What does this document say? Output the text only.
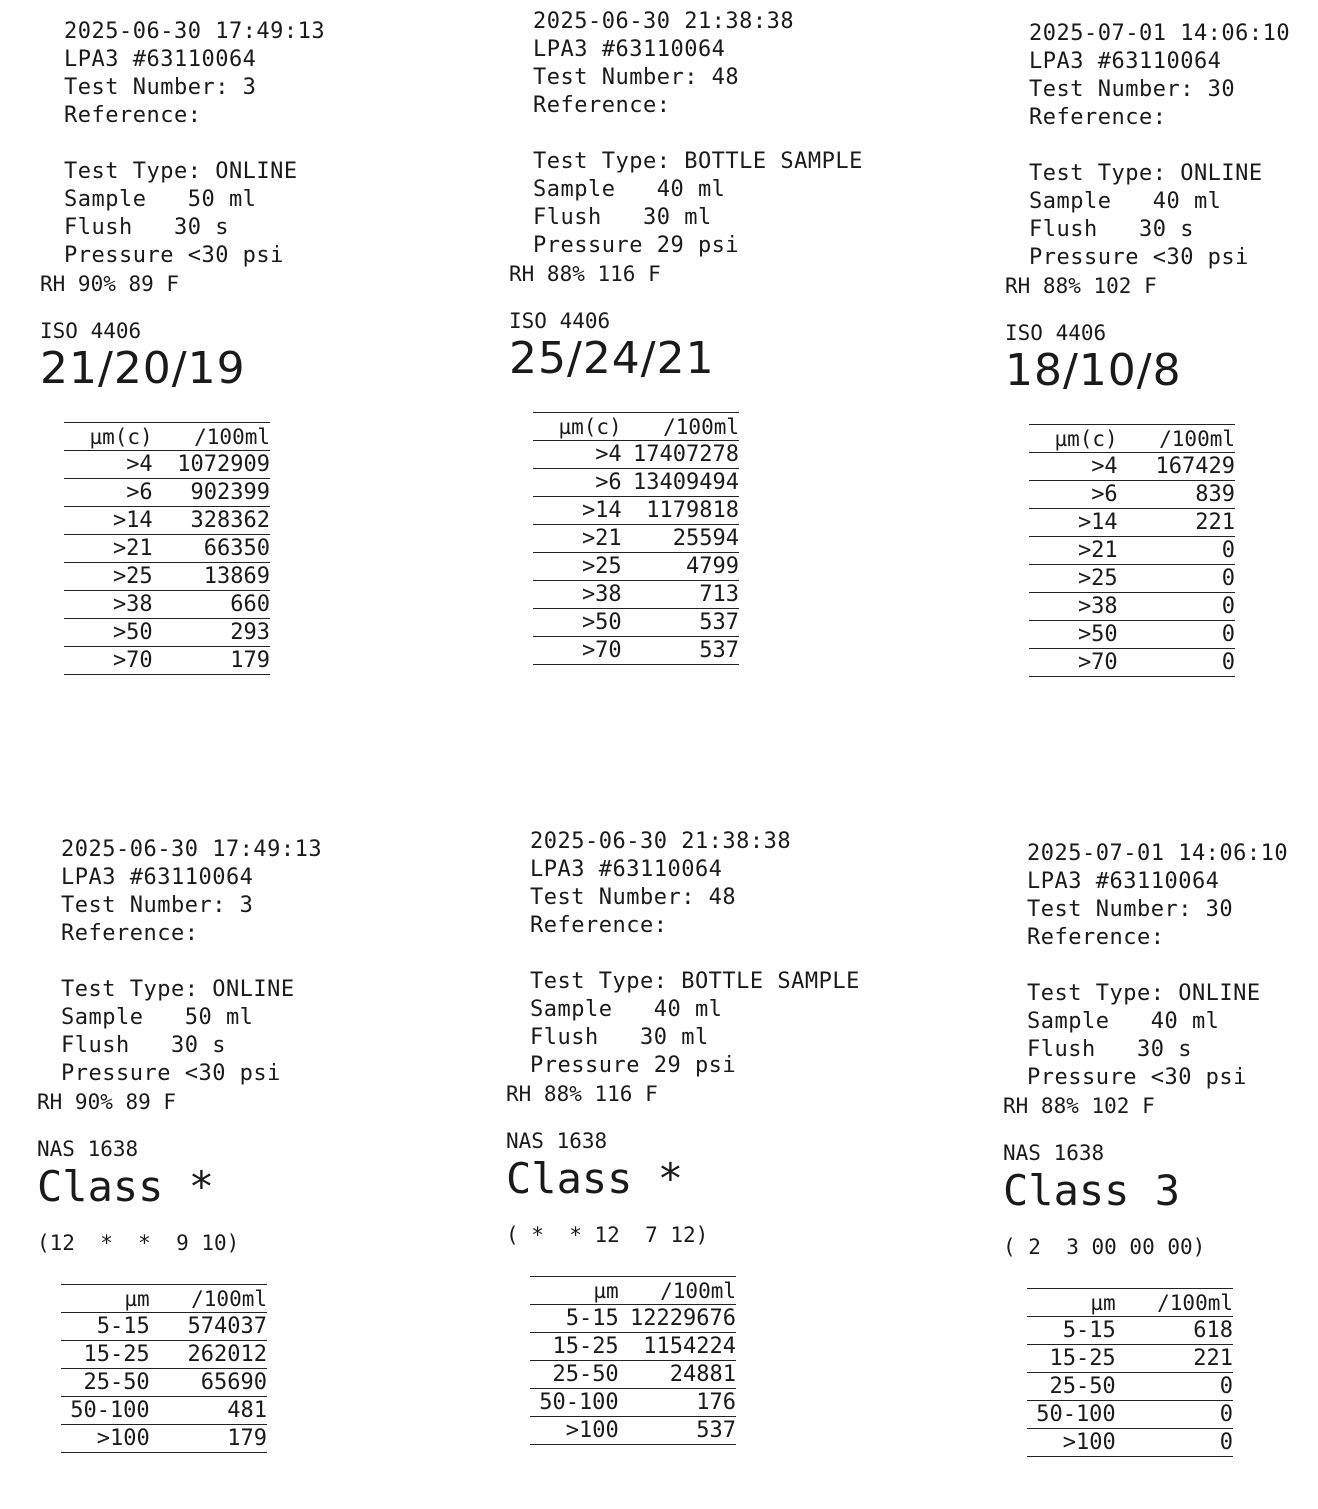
2025-06-30 17:49:13
LPA3 #63110064
Test Number: 3
Reference:
Test Type: ONLINE
Sample   50 ml
Flush   30 s
Pressure <30 psi
RH 90% 89 F
ISO 4406
21/20/19
µm(c)	/100ml
>4	1072909
>6	902399
>14	328362
>21	66350
>25	13869
>38	660
>50	293
>70	179
2025-06-30 21:38:38
LPA3 #63110064
Test Number: 48
Reference:
Test Type: BOTTLE SAMPLE
Sample   40 ml
Flush   30 ml
Pressure 29 psi
RH 88% 116 F
ISO 4406
25/24/21
µm(c)	/100ml
>4	17407278
>6	13409494
>14	1179818
>21	25594
>25	4799
>38	713
>50	537
>70	537
2025-07-01 14:06:10
LPA3 #63110064
Test Number: 30
Reference:
Test Type: ONLINE
Sample   40 ml
Flush   30 s
Pressure <30 psi
RH 88% 102 F
ISO 4406
18/10/8
µm(c)	/100ml
>4	167429
>6	839
>14	221
>21	0
>25	0
>38	0
>50	0
>70	0
2025-06-30 17:49:13
LPA3 #63110064
Test Number: 3
Reference:
Test Type: ONLINE
Sample   50 ml
Flush   30 s
Pressure <30 psi
RH 90% 89 F
NAS 1638
Class *
(12  *  *  9 10)
µm	/100ml
5-15	574037
15-25	262012
25-50	65690
50-100	481
>100	179
2025-06-30 21:38:38
LPA3 #63110064
Test Number: 48
Reference:
Test Type: BOTTLE SAMPLE
Sample   40 ml
Flush   30 ml
Pressure 29 psi
RH 88% 116 F
NAS 1638
Class *
( *  * 12  7 12)
µm	/100ml
5-15	12229676
15-25	1154224
25-50	24881
50-100	176
>100	537
2025-07-01 14:06:10
LPA3 #63110064
Test Number: 30
Reference:
Test Type: ONLINE
Sample   40 ml
Flush   30 s
Pressure <30 psi
RH 88% 102 F
NAS 1638
Class 3
( 2  3 00 00 00)
µm	/100ml
5-15	618
15-25	221
25-50	0
50-100	0
>100	0
